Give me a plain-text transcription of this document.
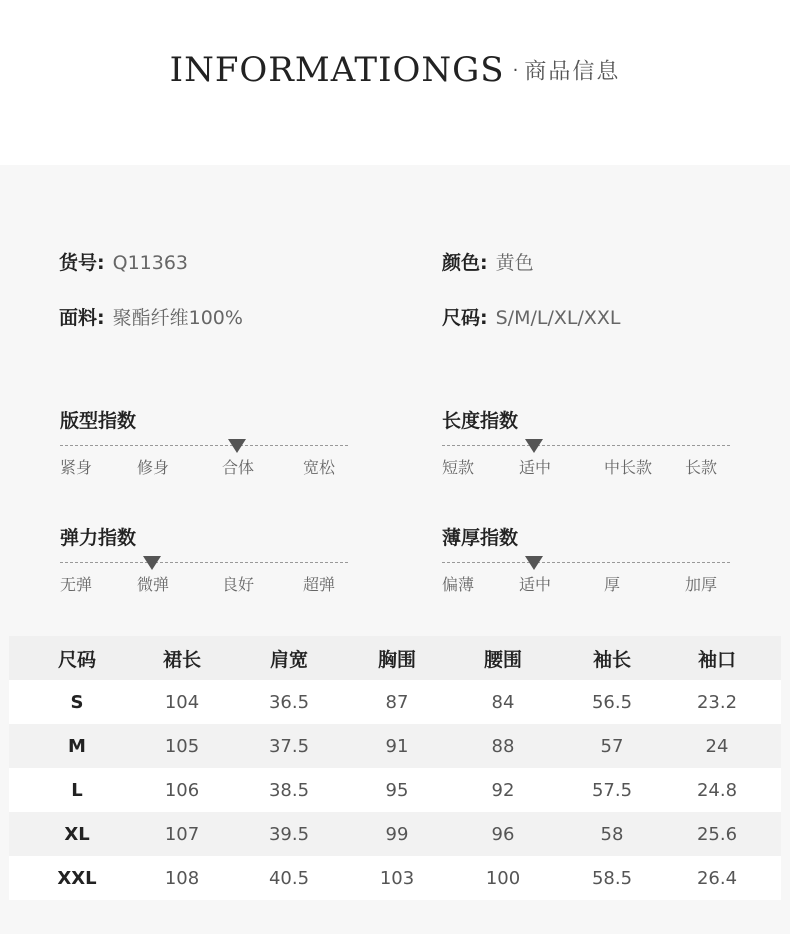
INFORMATIONGS · 商品信息
货号: Q11363	颜色: 黄色
面料: 聚酯纤维100%	尺码: S/M/L/XL/XXL
版型指数
紧身	修身	合体	宽松
长度指数
短款	适中	中长款 长款
弹力指数
无弹	微弹	良好	超弹
薄厚指数
偏薄	适中	厚	加厚
尺码	裙长	肩宽	胸围	腰围	袖长	袖口
S	104	36.5	87	84	56.5	23.2
M	105	37.5	91	88	57	24
L	106	38.5	95	92	57.5	24.8
XL	107	39.5	99	96	58	25.6
XXL	108	40.5	103	100	58.5	26.4
